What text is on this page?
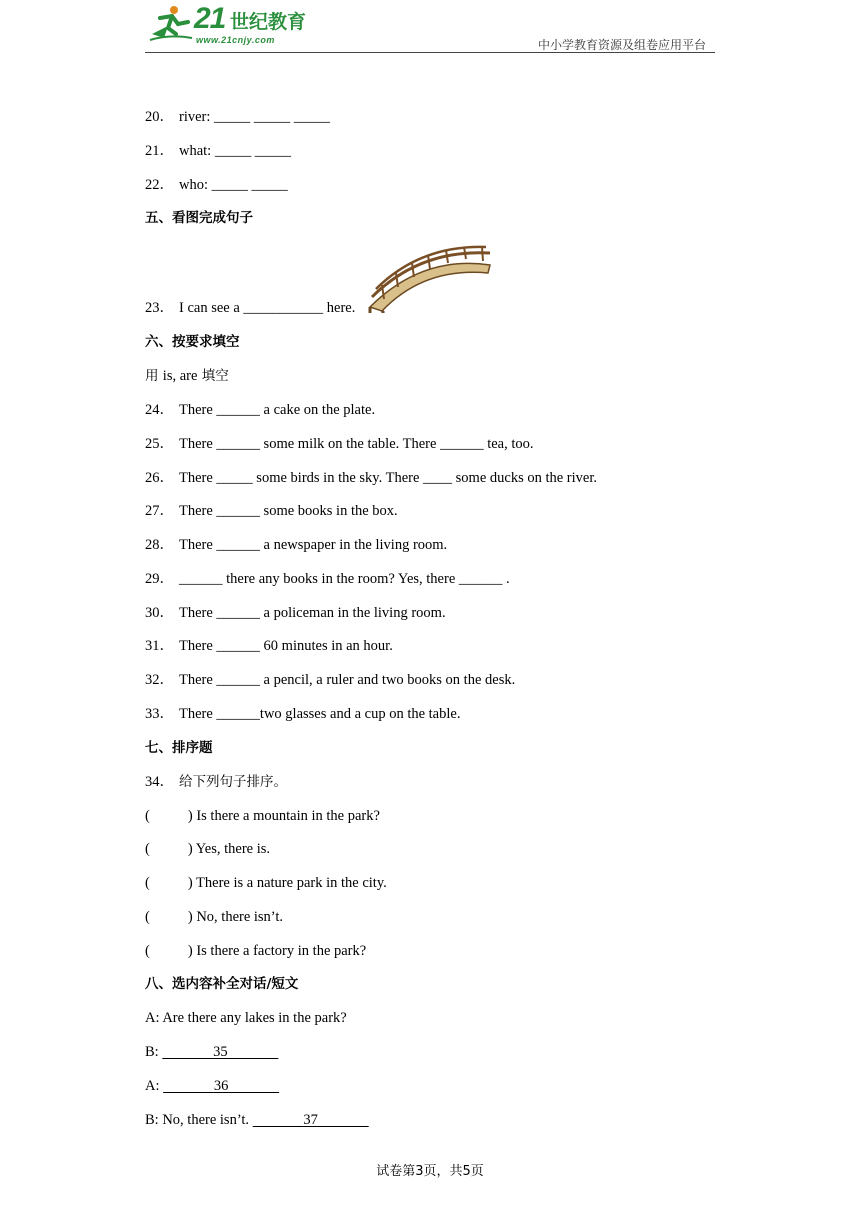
21 世纪教育
www.21cnjy.com	中小学教育资源及组卷应用平台
20． river: _____ _____ _____
21． what: _____ _____
22． who: _____ _____
五、看图完成句子
23． I can see a ___________ here.
六、按要求填空
用 is, are 填空
24． There ______ a cake on the plate.
25． There ______ some milk on the table. There ______ tea, too.
26． There _____ some birds in the sky. There ____ some ducks on the river.
27． There ______ some books in the box.
28． There ______ a newspaper in the living room.
29． ______ there any books in the room? Yes, there ______ .
30． There ______ a policeman in the living room.
31． There ______ 60 minutes in an hour.
32． There ______ a pencil, a ruler and two books on the desk.
33． There ______two glasses and a cup on the table.
七、排序题
34． 给下列句子排序。
(	) Is there a mountain in the park?
(	) Yes, there is.
(	) There is a nature park in the city.
(	) No, there isn’t.
(	) Is there a factory in the park?
八、选内容补全对话/短文
A: Are there any lakes in the park?
B:	35
A:	36
B: No, there isn’t.	37
试卷第3页，共5页
